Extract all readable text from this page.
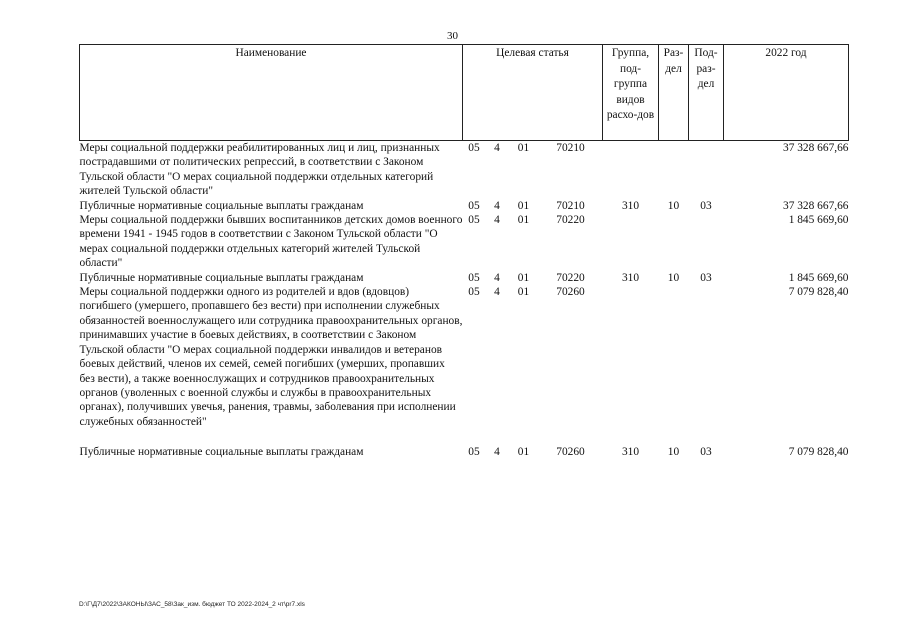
30
Наименование	Целевая статья				Группа, под-группа видов расхо-дов	Раз-дел	Под-раз-дел	2022 год
Меры социальной поддержки реабилитированных лиц и лиц, признанных пострадавшими от политических репрессий, в соответствии с Законом Тульской области "О мерах социальной поддержки отдельных категорий жителей Тульской области"	05	4	01	70210				37 328 667,66
Публичные нормативные социальные выплаты гражданам	05	4	01	70210	310	10	03	37 328 667,66
Меры социальной поддержки бывших воспитанников детских домов военного времени 1941 - 1945 годов в соответствии с Законом Тульской области "О мерах социальной поддержки отдельных категорий жителей Тульской области"	05	4	01	70220				1 845 669,60
Публичные нормативные социальные выплаты гражданам	05	4	01	70220	310	10	03	1 845 669,60
Меры социальной поддержки одного из родителей и вдов (вдовцов) погибшего (умершего, пропавшего без вести) при исполнении служебных обязанностей военнослужащего или сотрудника правоохранительных органов, принимавших участие в боевых действиях, в соответствии с Законом Тульской области "О мерах социальной поддержки инвалидов и ветеранов боевых действий, членов их семей, семей погибших (умерших, пропавших без вести), а также военнослужащих и сотрудников правоохранительных органов (уволенных с военной службы и службы в правоохранительных органах), получивших увечья, ранения, травмы, заболевания при исполнении служебных обязанностей"	05	4	01	70260				7 079 828,40

Публичные нормативные социальные выплаты гражданам	05	4	01	70260	310	10	03	7 079 828,40
D:\Г\Д7\2022\ЗАКОНЫ\ЗАС_58\Зак_изм. бюджет ТО 2022-2024_2 чт\pr7.xls
